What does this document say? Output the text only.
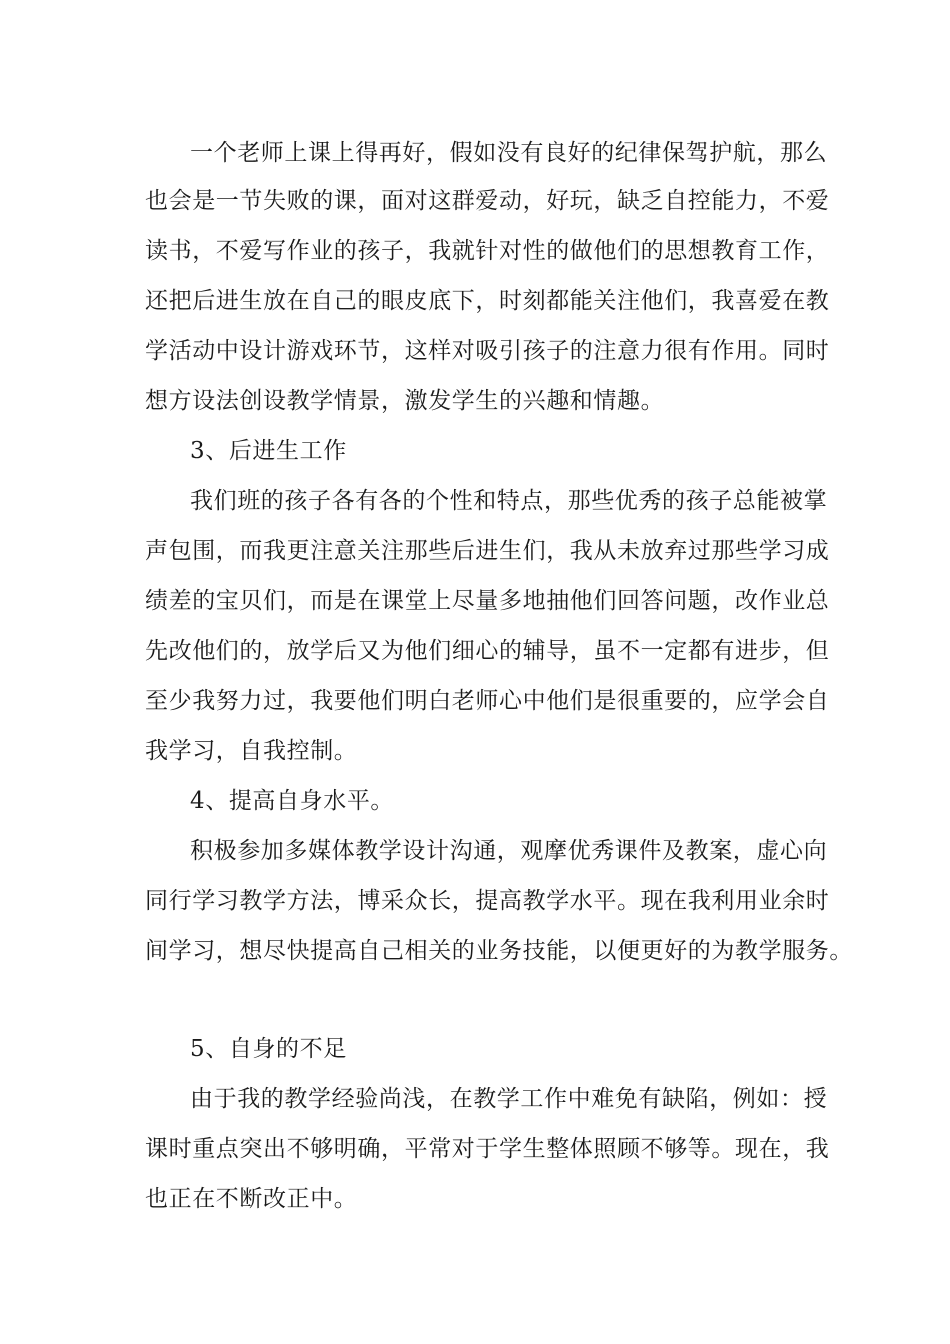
一个老师上课上得再好，假如没有良好的纪律保驾护航，那么
也会是一节失败的课，面对这群爱动，好玩，缺乏自控能力，不爱
读书，不爱写作业的孩子，我就针对性的做他们的思想教育工作，
还把后进生放在自己的眼皮底下，时刻都能关注他们，我喜爱在教
学活动中设计游戏环节，这样对吸引孩子的注意力很有作用。同时
想方设法创设教学情景，激发学生的兴趣和情趣。
3、后进生工作
我们班的孩子各有各的个性和特点，那些优秀的孩子总能被掌
声包围，而我更注意关注那些后进生们，我从未放弃过那些学习成
绩差的宝贝们，而是在课堂上尽量多地抽他们回答问题，改作业总
先改他们的，放学后又为他们细心的辅导，虽不一定都有进步，但
至少我努力过，我要他们明白老师心中他们是很重要的，应学会自
我学习，自我控制。
4、提高自身水平。
积极参加多媒体教学设计沟通，观摩优秀课件及教案，虚心向
同行学习教学方法，博采众长，提高教学水平。现在我利用业余时
间学习，想尽快提高自己相关的业务技能，以便更好的为教学服务。
5、自身的不足
由于我的教学经验尚浅，在教学工作中难免有缺陷，例如：授
课时重点突出不够明确，平常对于学生整体照顾不够等。现在，我
也正在不断改正中。
